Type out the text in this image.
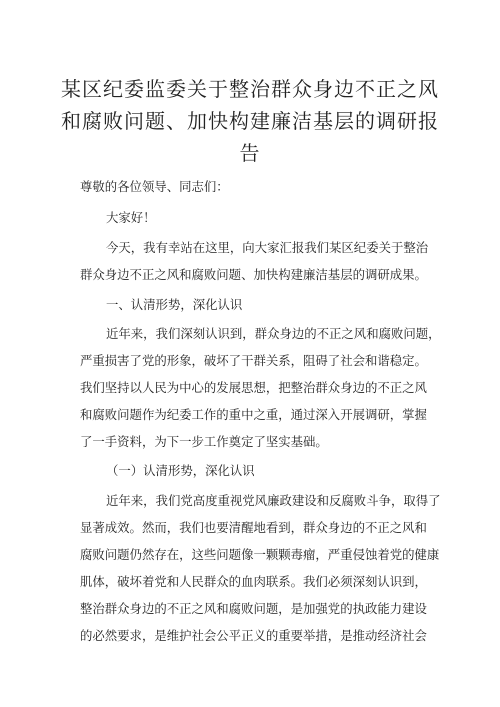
某区纪委监委关于整治群众身边不正之风
和腐败问题、加快构建廉洁基层的调研报
告
尊敬的各位领导、同志们：
大家好！
今天，我有幸站在这里，向大家汇报我们某区纪委关于整治
群众身边不正之风和腐败问题、加快构建廉洁基层的调研成果。
一、认清形势，深化认识
近年来，我们深刻认识到，群众身边的不正之风和腐败问题，
严重损害了党的形象，破坏了干群关系，阻碍了社会和谐稳定。
我们坚持以人民为中心的发展思想，把整治群众身边的不正之风
和腐败问题作为纪委工作的重中之重，通过深入开展调研，掌握
了一手资料，为下一步工作奠定了坚实基础。
（一）认清形势，深化认识
近年来，我们党高度重视党风廉政建设和反腐败斗争，取得了
显著成效。然而，我们也要清醒地看到，群众身边的不正之风和
腐败问题仍然存在，这些问题像一颗颗毒瘤，严重侵蚀着党的健康
肌体，破坏着党和人民群众的血肉联系。我们必须深刻认识到，
整治群众身边的不正之风和腐败问题，是加强党的执政能力建设
的必然要求，是维护社会公平正义的重要举措，是推动经济社会
